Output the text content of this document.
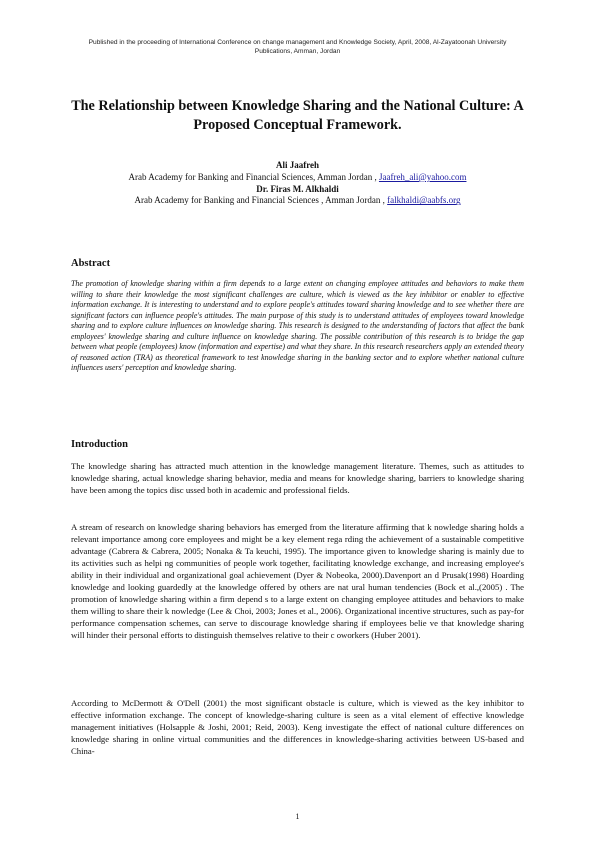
Published in the proceeding of International Conference on change management and Knowledge Society, April, 2008, Al-Zayatoonah University Publications, Amman, Jordan
The Relationship between Knowledge Sharing and the National Culture: A Proposed Conceptual Framework.
Ali Jaafreh
Arab Academy for Banking and Financial Sciences, Amman Jordan , Jaafreh_ali@yahoo.com
Dr. Firas M. Alkhaldi
Arab Academy for Banking and Financial Sciences , Amman Jordan , falkhaldi@aabfs.org
Abstract

The promotion of knowledge sharing within a firm depends to a large extent on changing employee attitudes and behaviors to make them willing to share their knowledge the most significant challenges are culture, which is viewed as the key inhibitor or enabler to effective information exchange. It is interesting to understand and to explore people's attitudes toward sharing knowledge and to see whether there are significant factors can influence people's attitudes. The main purpose of this study is to understand attitudes of employees toward knowledge sharing and to explore culture influences on knowledge sharing. This research is designed to the understanding of factors that affect the bank employees' knowledge sharing and culture influence on knowledge sharing. The possible contribution of this research is to bridge the gap between what people (employees) know (information and expertise) and what they share. In this research researchers apply an extended theory of reasoned action (TRA) as theoretical framework to test knowledge sharing in the banking sector and to explore whether national culture influences users' perception and knowledge sharing.

Introduction

The knowledge sharing has attracted much attention in the knowledge management literature. Themes, such as attitudes to knowledge sharing, actual knowledge sharing behavior, media and means for knowledge sharing, barriers to knowledge sharing have been among the topics disc ussed both in academic and professional fields.

A stream of research on knowledge sharing behaviors has emerged from the literature affirming that k nowledge sharing holds a relevant importance among core employees and might be a key element rega rding the achievement of a sustainable competitive advantage (Cabrera & Cabrera, 2005; Nonaka & Ta keuchi, 1995). The importance given to knowledge sharing is mainly due to its activities such as helpi ng communities of people work together, facilitating knowledge exchange, and increasing employee's ability in their individual and organizational goal achievement (Dyer & Nobeoka, 2000).Davenport an d Prusak(1998) Hoarding knowledge and looking guardedly at the knowledge offered by others are nat ural human tendencies (Bock et al.,(2005) . The promotion of knowledge sharing within a firm depend s to a large extent on changing employee attitudes and behaviors to make them willing to share their k nowledge (Lee & Choi, 2003; Jones et al., 2006). Organizational incentive structures, such as pay-for performance compensation schemes, can serve to discourage knowledge sharing if employees belie ve that knowledge sharing will hinder their personal efforts to distinguish themselves relative to their c oworkers (Huber 2001).

According to McDermott & O'Dell (2001) the most significant obstacle is culture, which is viewed as the key inhibitor to effective information exchange. The concept of knowledge-sharing culture is seen as a vital element of effective knowledge management initiatives (Holsapple & Joshi, 2001; Reid, 2003). Keng investigate the effect of national culture differences on knowledge sharing in online virtual communities and the differences in knowledge-sharing activities between US-based and China-

1
